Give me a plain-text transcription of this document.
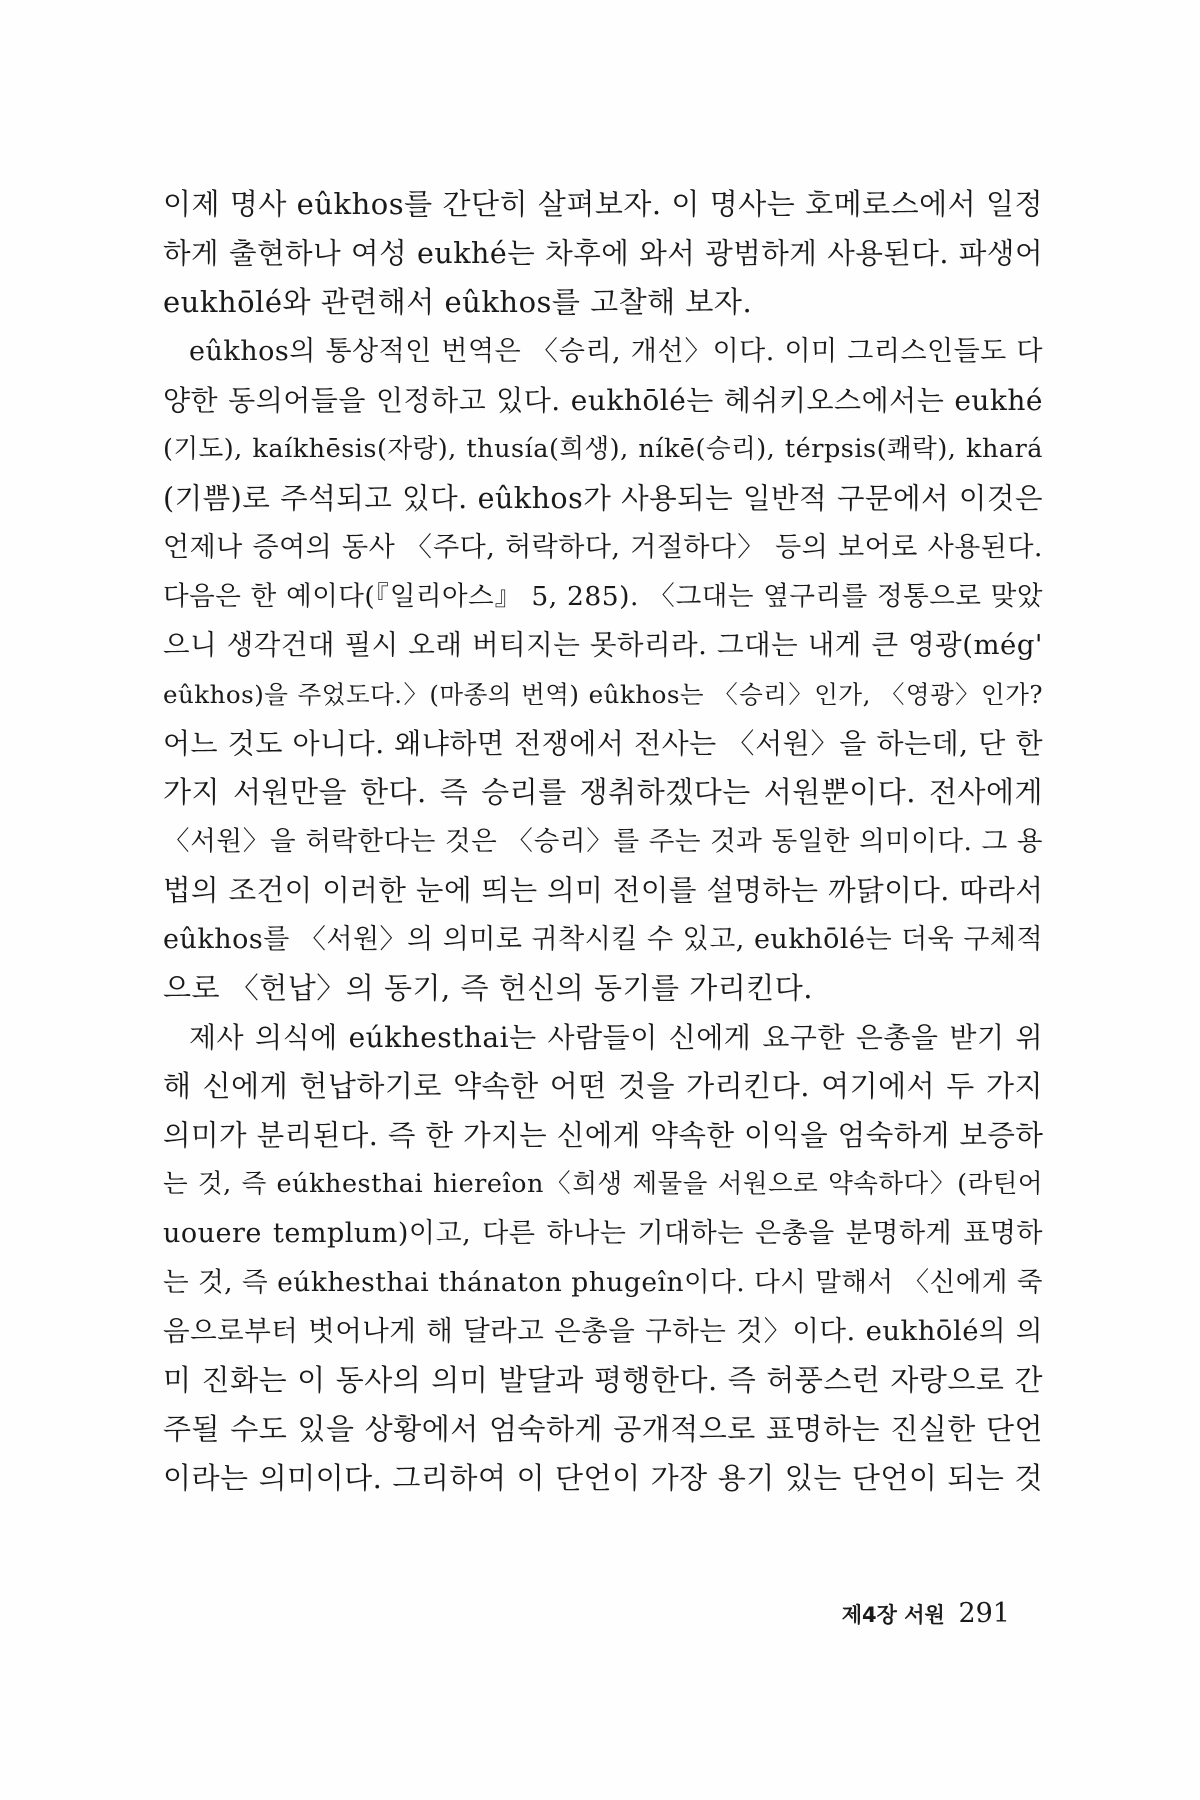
이제 명사 eûkhos를 간단히 살펴보자. 이 명사는 호메로스에서 일정
하게 출현하나 여성 eukhé는 차후에 와서 광범하게 사용된다. 파생어
eukhōlé와 관련해서 eûkhos를 고찰해 보자.
eûkhos의 통상적인 번역은 〈승리, 개선〉이다. 이미 그리스인들도 다
양한 동의어들을 인정하고 있다. eukhōlé는 헤쉬키오스에서는 eukhé
(기도), kaíkhēsis(자랑), thusía(희생), níkē(승리), térpsis(쾌락), khará
(기쁨)로 주석되고 있다. eûkhos가 사용되는 일반적 구문에서 이것은
언제나 증여의 동사 〈주다, 허락하다, 거절하다〉 등의 보어로 사용된다.
다음은 한 예이다(『일리아스』 5, 285). 〈그대는 옆구리를 정통으로 맞았
으니 생각건대 필시 오래 버티지는 못하리라. 그대는 내게 큰 영광(még'
eûkhos)을 주었도다.〉(마종의 번역) eûkhos는 〈승리〉인가, 〈영광〉인가?
어느 것도 아니다. 왜냐하면 전쟁에서 전사는 〈서원〉을 하는데, 단 한
가지 서원만을 한다. 즉 승리를 쟁취하겠다는 서원뿐이다. 전사에게
〈서원〉을 허락한다는 것은 〈승리〉를 주는 것과 동일한 의미이다. 그 용
법의 조건이 이러한 눈에 띄는 의미 전이를 설명하는 까닭이다. 따라서
eûkhos를 〈서원〉의 의미로 귀착시킬 수 있고, eukhōlé는 더욱 구체적
으로 〈헌납〉의 동기, 즉 헌신의 동기를 가리킨다.
제사 의식에 eúkhesthai는 사람들이 신에게 요구한 은총을 받기 위
해 신에게 헌납하기로 약속한 어떤 것을 가리킨다. 여기에서 두 가지
의미가 분리된다. 즉 한 가지는 신에게 약속한 이익을 엄숙하게 보증하
는 것, 즉 eúkhesthai hiereîon〈희생 제물을 서원으로 약속하다〉(라틴어
uouere templum)이고, 다른 하나는 기대하는 은총을 분명하게 표명하
는 것, 즉 eúkhesthai thánaton phugeîn이다. 다시 말해서 〈신에게 죽
음으로부터 벗어나게 해 달라고 은총을 구하는 것〉이다. eukhōlé의 의
미 진화는 이 동사의 의미 발달과 평행한다. 즉 허풍스런 자랑으로 간
주될 수도 있을 상황에서 엄숙하게 공개적으로 표명하는 진실한 단언
이라는 의미이다. 그리하여 이 단언이 가장 용기 있는 단언이 되는 것
제4장 서원 291
